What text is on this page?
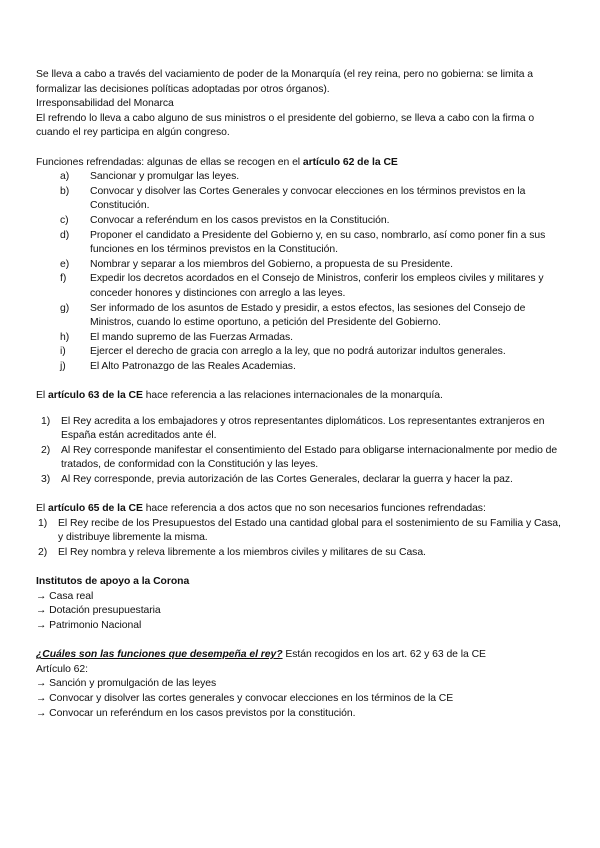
Se lleva a cabo a través del vaciamiento de poder de la Monarquía (el rey reina, pero no gobierna: se limita a formalizar las decisiones políticas adoptadas por otros órganos).

Irresponsabilidad del Monarca

El refrendo lo lleva a cabo alguno de sus ministros o el presidente del gobierno, se lleva a cabo con la firma o cuando el rey participa en algún congreso.

Funciones refrendadas: algunas de ellas se recogen en el artículo 62 de la CE

a)	Sancionar y promulgar las leyes.
b)	Convocar y disolver las Cortes Generales y convocar elecciones en los términos previstos en la Constitución.
c)	Convocar a referéndum en los casos previstos en la Constitución.
d)	Proponer el candidato a Presidente del Gobierno y, en su caso, nombrarlo, así como poner fin a sus funciones en los términos previstos en la Constitución.
e)	Nombrar y separar a los miembros del Gobierno, a propuesta de su Presidente.
f)	Expedir los decretos acordados en el Consejo de Ministros, conferir los empleos civiles y militares y conceder honores y distinciones con arreglo a las leyes.
g)	Ser informado de los asuntos de Estado y presidir, a estos efectos, las sesiones del Consejo de Ministros, cuando lo estime oportuno, a petición del Presidente del Gobierno.
h)	El mando supremo de las Fuerzas Armadas.
i)	Ejercer el derecho de gracia con arreglo a la ley, que no podrá autorizar indultos generales.
j)	El Alto Patronazgo de las Reales Academias.

El artículo 63 de la CE hace referencia a las relaciones internacionales de la monarquía.

1)	El Rey acredita a los embajadores y otros representantes diplomáticos. Los representantes extranjeros en España están acreditados ante él.
2)	Al Rey corresponde manifestar el consentimiento del Estado para obligarse internacionalmente por medio de tratados, de conformidad con la Constitución y las leyes.
3)	Al Rey corresponde, previa autorización de las Cortes Generales, declarar la guerra y hacer la paz.

El artículo 65 de la CE hace referencia a dos actos que no son necesarios funciones refrendadas:

1)	El Rey recibe de los Presupuestos del Estado una cantidad global para el sostenimiento de su Familia y Casa, y distribuye libremente la misma.
2)	El Rey nombra y releva libremente a los miembros civiles y militares de su Casa.

Institutos de apoyo a la Corona

→ Casa real

→ Dotación presupuestaria

→ Patrimonio Nacional

¿Cuáles son las funciones que desempeña el rey? Están recogidos en los art. 62 y 63 de la CE

Artículo 62:

→ Sanción y promulgación de las leyes

→ Convocar y disolver las cortes generales y convocar elecciones en los términos de la CE

→ Convocar un referéndum en los casos previstos por la constitución.
